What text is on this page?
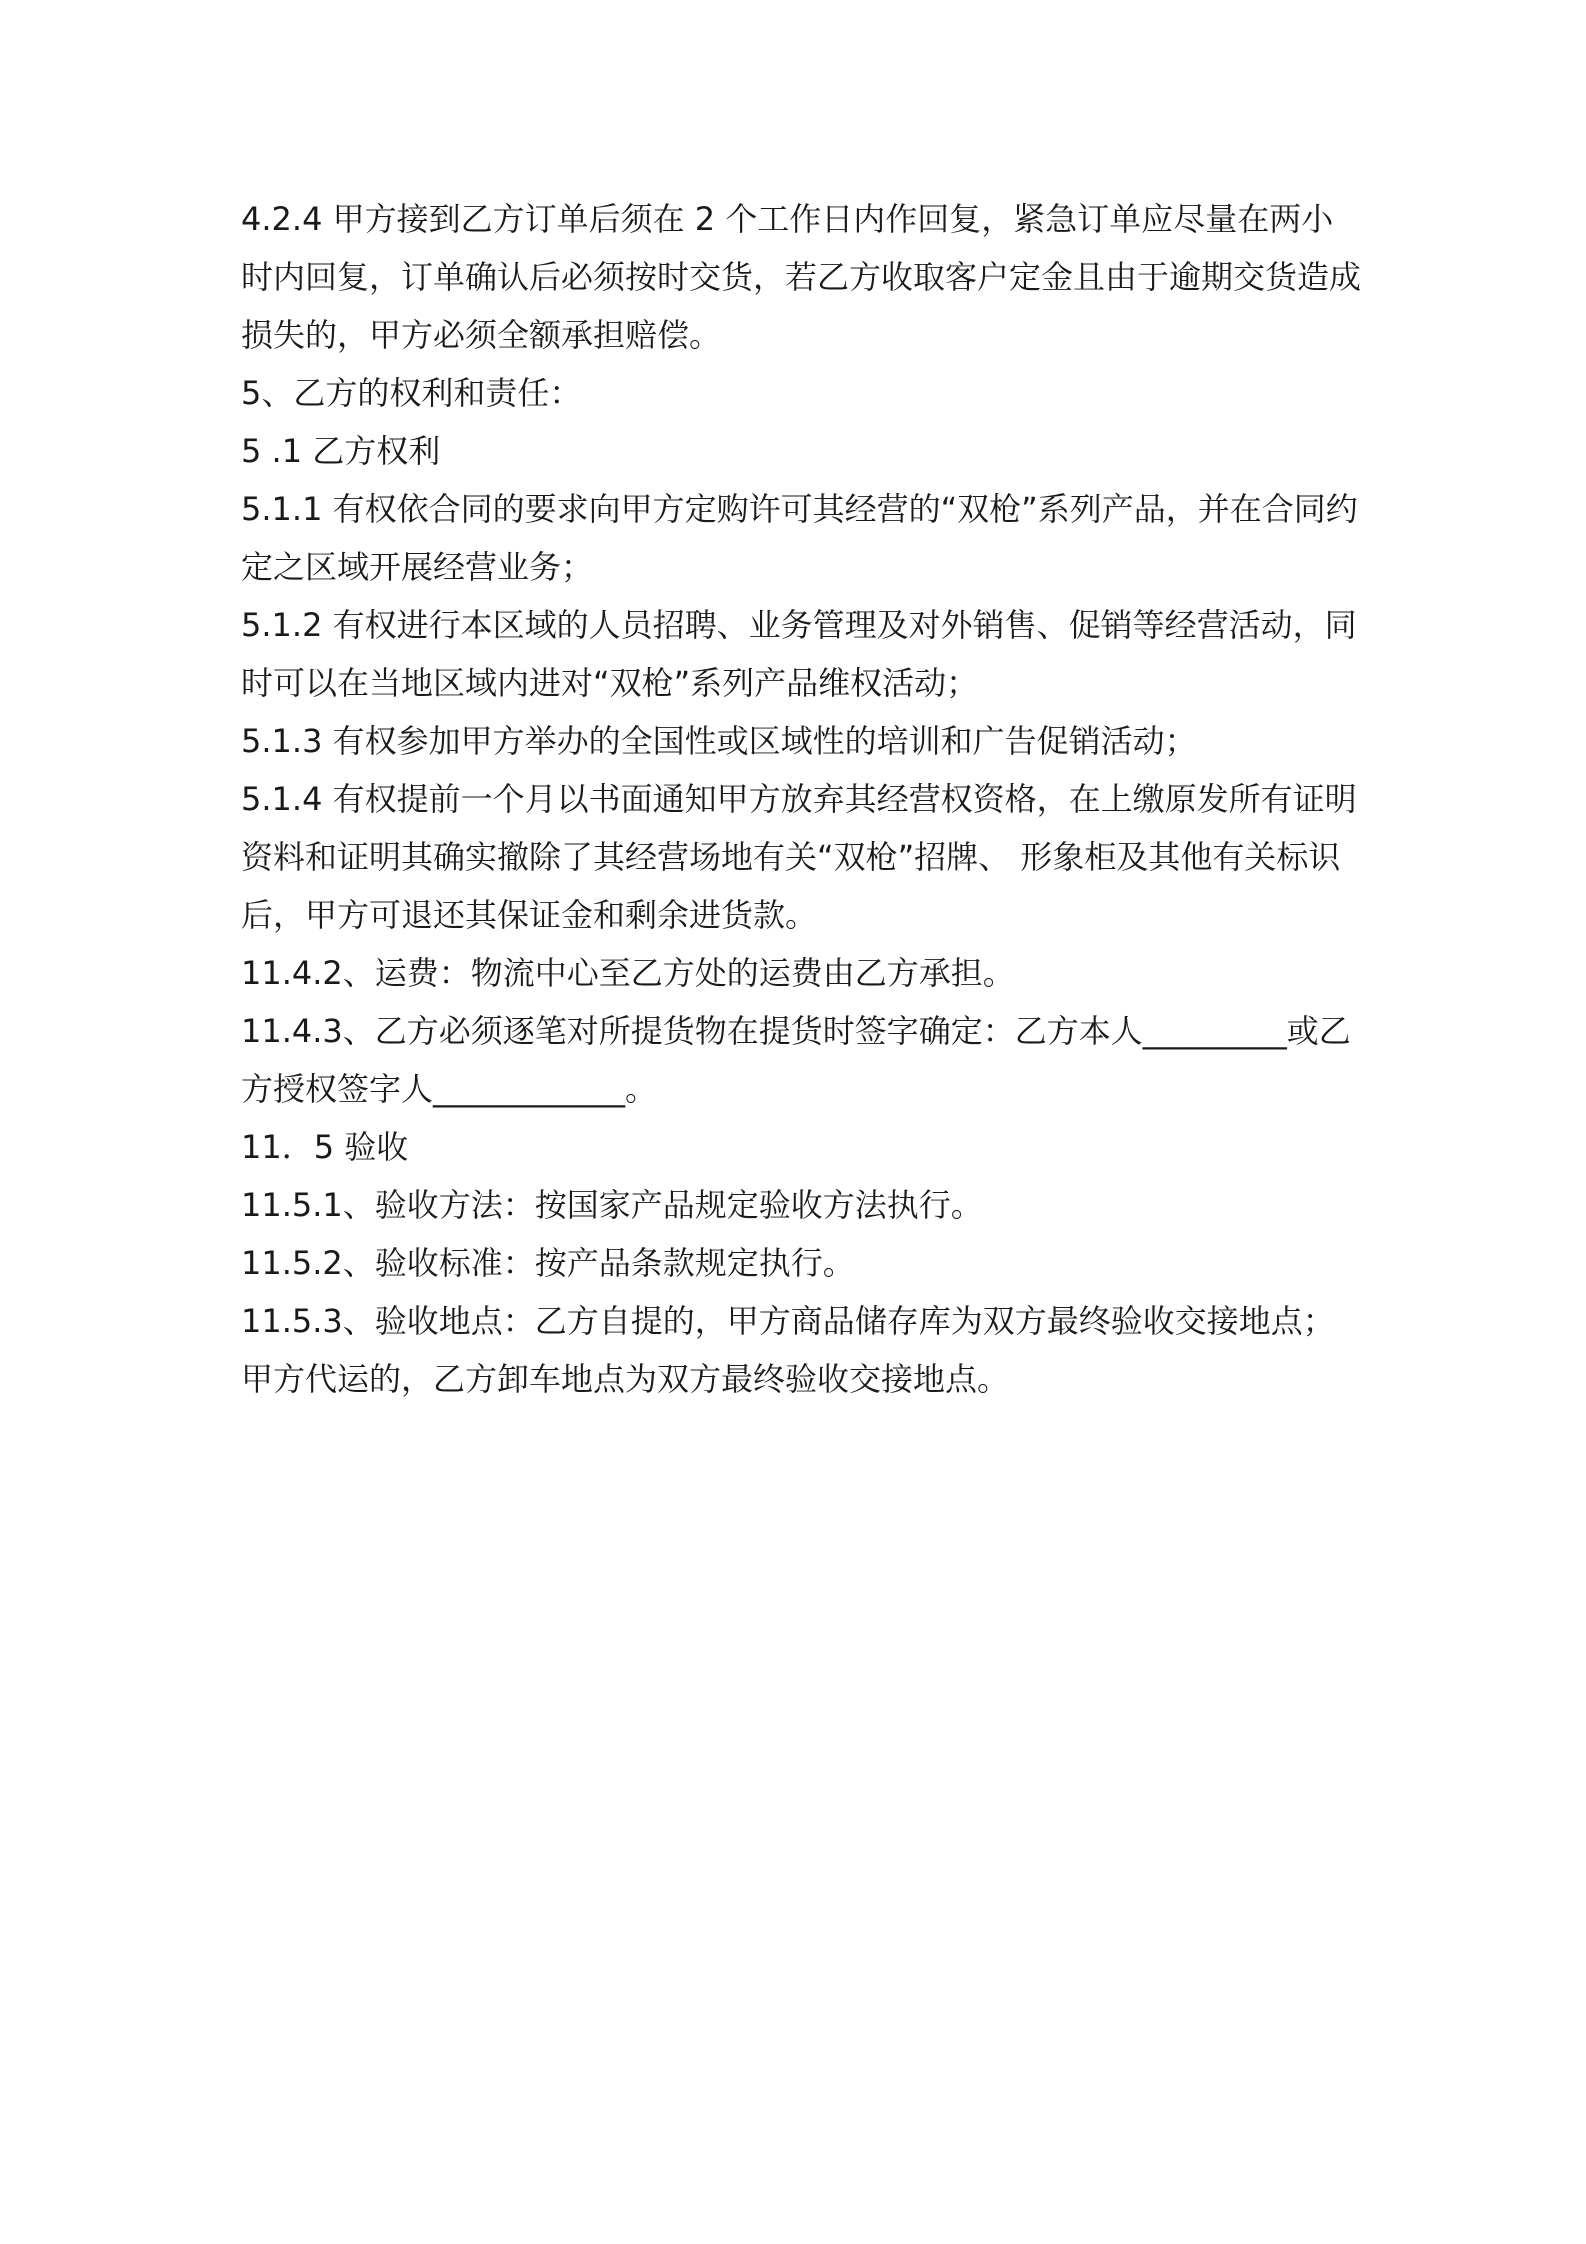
4.2.4 甲方接到乙方订单后须在 2 个工作日内作回复，紧急订单应尽量在两小时内回复，订单确认后必须按时交货，若乙方收取客户定金且由于逾期交货造成损失的，甲方必须全额承担赔偿。

5、乙方的权利和责任：

5 .1 乙方权利

5.1.1 有权依合同的要求向甲方定购许可其经营的“双枪”系列产品，并在合同约定之区域开展经营业务；

5.1.2 有权进行本区域的人员招聘、业务管理及对外销售、促销等经营活动，同时可以在当地区域内进对“双枪”系列产品维权活动；

5.1.3 有权参加甲方举办的全国性或区域性的培训和广告促销活动；

5.1.4 有权提前一个月以书面通知甲方放弃其经营权资格，在上缴原发所有证明资料和证明其确实撤除了其经营场地有关“双枪”招牌、 形象柜及其他有关标识后，甲方可退还其保证金和剩余进货款。

11.4.2、运费：物流中心至乙方处的运费由乙方承担。

11.4.3、乙方必须逐笔对所提货物在提货时签字确定：乙方本人_________或乙方授权签字人____________。

11．5 验收

11.5.1、验收方法：按国家产品规定验收方法执行。

11.5.2、验收标准：按产品条款规定执行。

11.5.3、验收地点：乙方自提的，甲方商品储存库为双方最终验收交接地点；甲方代运的，乙方卸车地点为双方最终验收交接地点。
